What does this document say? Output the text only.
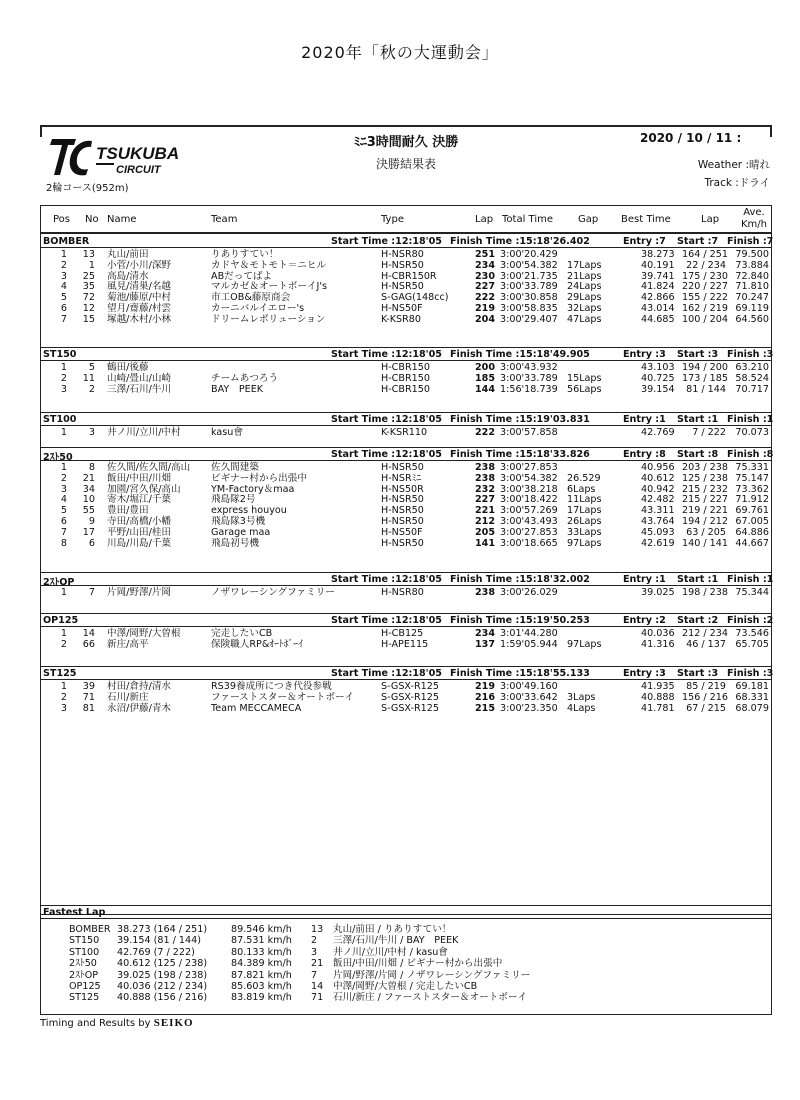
2020年「秋の大運動会」
TSUKUBA
CIRCUIT
2輪コース(952m)
ﾐﾆ3時間耐久 決勝
決勝結果表
2020 / 10 / 11 :
Weather :晴れ
Track :ドライ
Pos No Name	Team	Type	Lap Total Time Gap Best Time	Lap
Ave.
Km/h
BOMBER	Start Time :12:18'05 Finish Time :15:18'26.402	Entry :7 Start :7 Finish :7
1	13 丸山/前田	りありすてい！	H-NSR80	251 3:00'20.429	38.273 164 / 251 79.500
2	1 小菅/小川/深野	カドヤ＆モトモト＝ニヒル	H-NSR50	234 3:00'54.382 17Laps	40.191	22 / 234 73.884
3	25 高島/清水	ABだってばよ	H-CBR150R	230 3:00'21.735 21Laps	39.741 175 / 230 72.840
4	35 風見/清巣/名越	マルカゼ＆オートボーイJ's	H-NSR50	227 3:00'33.789 24Laps	41.824 220 / 227 71.810
5	72 菊池/藤原/中村	市工OB&藤原商会	S-GAG(148cc)	222 3:00'30.858 29Laps	42.866 155 / 222 70.247
6	12 望月/齋藤/村雲	カーニバルイエロー's	H-NS50F	219 3:00'58.835 32Laps	43.014 162 / 219 69.119
7	15 塚越/木村/小林	ドリームレボリューション	K-KSR80	204 3:00'29.407 47Laps	44.685 100 / 204 64.560
ST150	Start Time :12:18'05 Finish Time :15:18'49.905	Entry :3 Start :3 Finish :3
1	5 鶴田/後藤	H-CBR150	200 3:00'43.932	43.103 194 / 200 63.210
2	11 山崎/畳山/山崎	チームあつろう	H-CBR150	185 3:00'33.789 15Laps	40.725 173 / 185 58.524
3	2 三澤/石川/牛川	BAY　PEEK	H-CBR150	144 1:56'18.739 56Laps	39.154	81 / 144 70.717
ST100	Start Time :12:18'05 Finish Time :15:19'03.831	Entry :1 Start :1 Finish :1
1	3 井ノ川/立川/中村	kasu會	K-KSR110	222 3:00'57.858	42.769	7 / 222 70.073
2ｽﾄ50	Start Time :12:18'05 Finish Time :15:18'33.826	Entry :8 Start :8 Finish :8
1	8 佐久間/佐久間/高山 佐久間建築	H-NSR50	238 3:00'27.853	40.956 203 / 238 75.331
2	21 飯田/中田/川畑	ビギナー村から出張中	H-NSRﾐﾆ	238 3:00'54.382 26.529	40.612 125 / 238 75.147
3	34 加園/宮久保/高山	YM-Factory＆maa	H-NS50R	232 3:00'38.218 6Laps	40.942 215 / 232 73.362
4	10 寄木/堀江/千葉	飛島隊2号	H-NSR50	227 3:00'18.422 11Laps	42.482 215 / 227 71.912
5	55 豊田/豊田	express houyou	H-NSR50	221 3:00'57.269 17Laps	43.311 219 / 221 69.761
6	9 寺田/高橋/小幡	飛島隊3号機	H-NSR50	212 3:00'43.493 26Laps	43.764 194 / 212 67.005
7	17 平野/山田/桂田	Garage maa	H-NS50F	205 3:00'27.853 33Laps	45.093	63 / 205 64.886
8	6 川島/川島/千葉	飛島初号機	H-NSR50	141 3:00'18.665 97Laps	42.619 140 / 141 44.667
2ｽﾄOP	Start Time :12:18'05 Finish Time :15:18'32.002	Entry :1 Start :1 Finish :1
1	7 片岡/野澤/片岡	ノザワレーシングファミリー	H-NSR80	238 3:00'26.029	39.025 198 / 238 75.344
OP125	Start Time :12:18'05 Finish Time :15:19'50.253	Entry :2 Start :2 Finish :2
1	14 中澤/岡野/大曽根	完走したいCB	H-CB125	234 3:01'44.280	40.036 212 / 234 73.546
2	66 新庄/高平	保険職人RP&ｵｰﾄﾎﾞｰｲ	H-APE115	137 1:59'05.944 97Laps	41.316	46 / 137 65.705
ST125	Start Time :12:18'05 Finish Time :15:18'55.133	Entry :3 Start :3 Finish :3
1	39 村田/倉持/清水	RS39養成所につき代役参戦	S-GSX-R125	219 3:00'49.160	41.935	85 / 219 69.181
2	71 石川/新庄	ファーストスター＆オートボーイ	S-GSX-R125	216 3:00'33.642 3Laps	40.888 156 / 216 68.331
3	81 永沼/伊藤/青木	Team MECCAMECA	S-GSX-R125	215 3:00'23.350 4Laps	41.781	67 / 215 68.079
Fastest Lap
BOMBER 38.273 (164 / 251) 89.546 km/h 13 丸山/前田 / りありすてい！
ST150 39.154 (81 / 144)	87.531 km/h 2 三澤/石川/牛川 / BAY　PEEK
ST100 42.769 (7 / 222)	80.133 km/h 3 井ノ川/立川/中村 / kasu會
2ｽﾄ50 40.612 (125 / 238) 84.389 km/h 21 飯田/中田/川畑 / ビギナー村から出張中
2ｽﾄOP 39.025 (198 / 238) 87.821 km/h 7 片岡/野澤/片岡 / ノザワレーシングファミリー
OP125 40.036 (212 / 234) 85.603 km/h 14 中澤/岡野/大曽根 / 完走したいCB
ST125 40.888 (156 / 216) 83.819 km/h 71 石川/新庄 / ファーストスター＆オートボーイ
Timing and Results by SEIKO
